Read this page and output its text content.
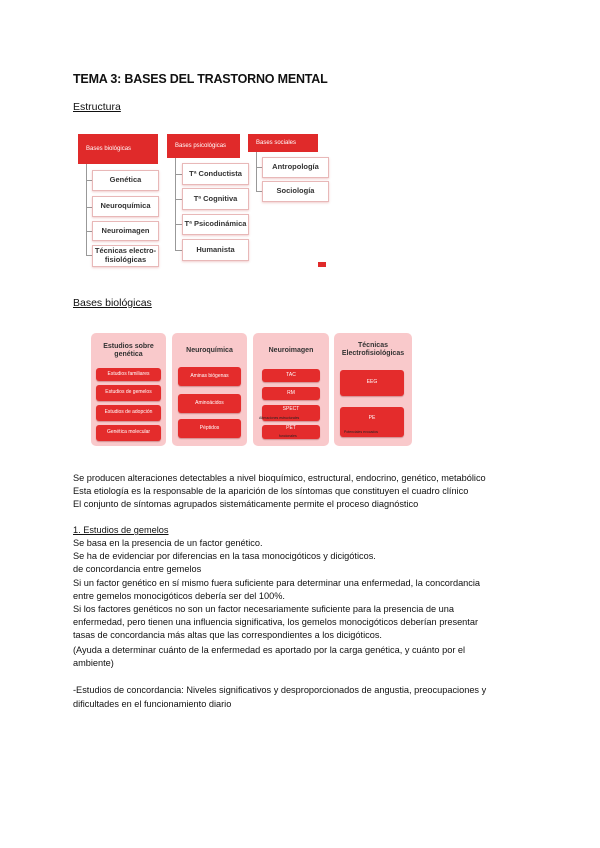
TEMA 3: BASES DEL TRASTORNO MENTAL
Estructura
Bases biológicas	Bases psicológicas	Bases sociales
Genética
Neuroquímica
Neuroimagen
Técnicas electro-fisiológicas
Tª Conductista
Tª Cognitiva
Tª Psicodinámica
Humanista
Antropología
Sociología
Bases biológicas
Estudios sobre genética
Estudios familiares
Estudios de gemelos
Estudios de adopción
Genética molecular
Neuroquímica
Aminas biógenas
Aminoácidos
Péptidos
Neuroimagen
TAC
RM
SPECT
Alteraciones estructurales
PET
funcionales
Técnicas Electrofisiológicas
EEG
PE
Potenciales evocados
Se producen alteraciones detectables a nivel bioquímico, estructural, endocrino, genético, metabólico
Esta etiología es la responsable de la aparición de los síntomas que constituyen el cuadro clínico
El conjunto de síntomas agrupados sistemáticamente permite el proceso diagnóstico
1. Estudios de gemelos
Se basa en la presencia de un factor genético.
Se ha de evidenciar por diferencias en la tasa monocigóticos y dicigóticos.
de concordancia entre gemelos
Si un factor genético en sí mismo fuera suficiente para determinar una enfermedad, la concordancia
entre gemelos monocigóticos debería ser del 100%.
Si los factores genéticos no son un factor necesariamente suficiente para la presencia de una
enfermedad, pero tienen una influencia significativa, los gemelos monocigóticos deberían presentar
tasas de concordancia más altas que las correspondientes a los dicigóticos.
(Ayuda a determinar cuánto de la enfermedad es aportado por la carga genética, y cuánto por el
ambiente)
-Estudios de concordancia: Niveles significativos y desproporcionados de angustia, preocupaciones y
dificultades en el funcionamiento diario
